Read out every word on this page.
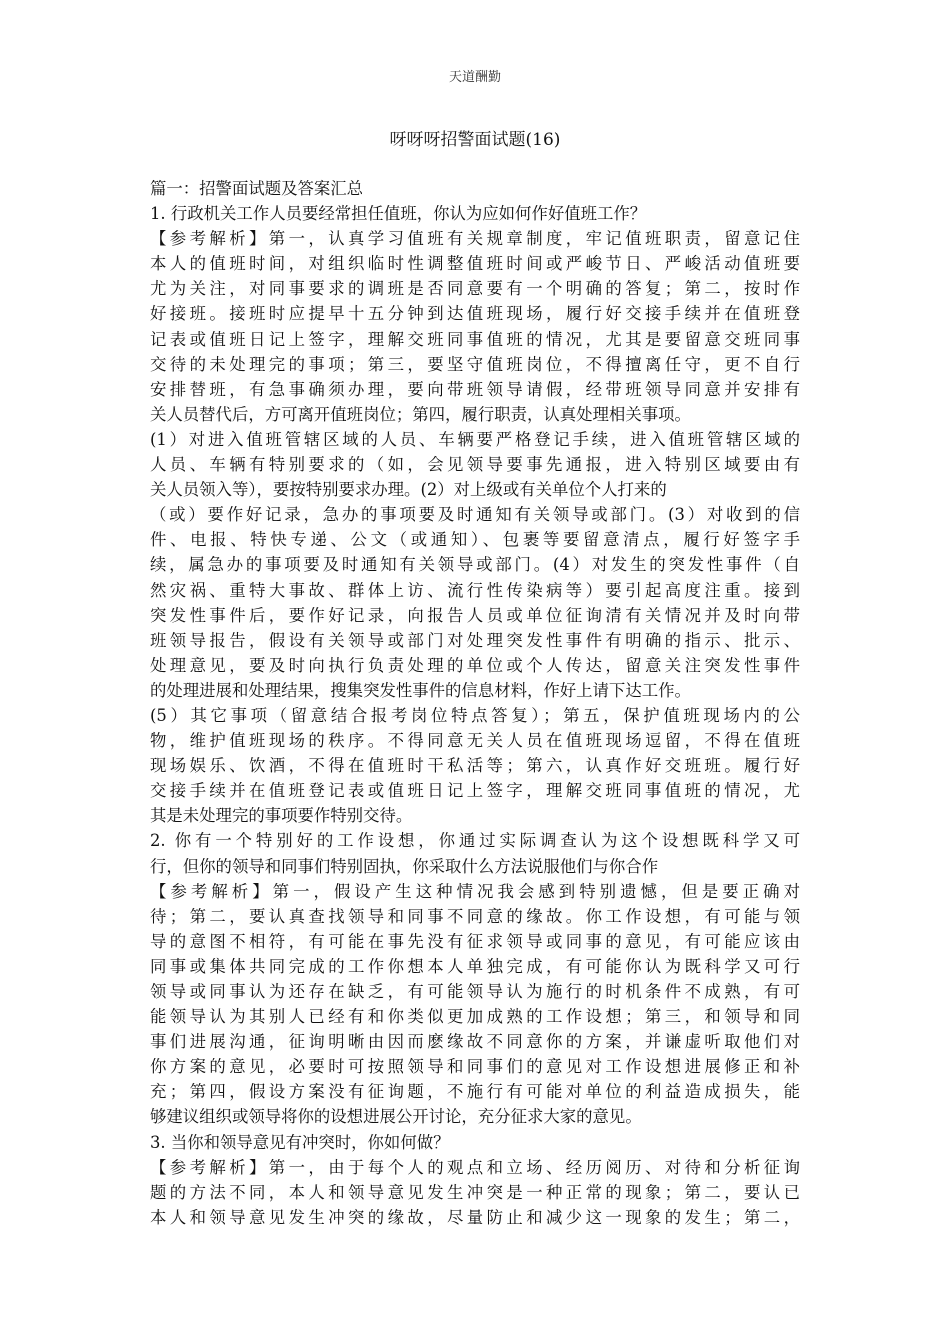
天道酬勤
呀呀呀招警面试题(16)
篇一：招警面试题及答案汇总
1. 行政机关工作人员要经常担任值班，你认为应如何作好值班工作？
【参考解析】第一，认真学习值班有关规章制度，牢记值班职责，留意记住
本人的值班时间，对组织临时性调整值班时间或严峻节日、严峻活动值班要
尤为关注，对同事要求的调班是否同意要有一个明确的答复；第二，按时作
好接班。接班时应提早十五分钟到达值班现场，履行好交接手续并在值班登
记表或值班日记上签字，理解交班同事值班的情况，尤其是要留意交班同事
交待的未处理完的事项；第三，要坚守值班岗位，不得擅离任守，更不自行
安排替班，有急事确须办理，要向带班领导请假，经带班领导同意并安排有
关人员替代后，方可离开值班岗位；第四，履行职责，认真处理相关事项。
(1）对进入值班管辖区域的人员、车辆要严格登记手续，进入值班管辖区域的
人员、车辆有特别要求的（如，会见领导要事先通报，进入特别区域要由有
关人员领入等），要按特别要求办理。(2）对上级或有关单位个人打来的
（或）要作好记录，急办的事项要及时通知有关领导或部门。(3）对收到的信
件、电报、特快专递、公文（或通知）、包裹等要留意清点，履行好签字手
续，属急办的事项要及时通知有关领导或部门。(4）对发生的突发性事件（自
然灾祸、重特大事故、群体上访、流行性传染病等）要引起高度注重。接到
突发性事件后，要作好记录，向报告人员或单位征询清有关情况并及时向带
班领导报告，假设有关领导或部门对处理突发性事件有明确的指示、批示、
处理意见，要及时向执行负责处理的单位或个人传达，留意关注突发性事件
的处理进展和处理结果，搜集突发性事件的信息材料，作好上请下达工作。
(5）其它事项（留意结合报考岗位特点答复）；第五，保护值班现场内的公
物，维护值班现场的秩序。不得同意无关人员在值班现场逗留，不得在值班
现场娱乐、饮酒，不得在值班时干私活等；第六，认真作好交班班。履行好
交接手续并在值班登记表或值班日记上签字，理解交班同事值班的情况，尤
其是未处理完的事项要作特别交待。
2. 你有一个特别好的工作设想，你通过实际调查认为这个设想既科学又可
行，但你的领导和同事们特别固执，你采取什么方法说服他们与你合作
【参考解析】第一，假设产生这种情况我会感到特别遗憾，但是要正确对
待；第二，要认真查找领导和同事不同意的缘故。你工作设想，有可能与领
导的意图不相符，有可能在事先没有征求领导或同事的意见，有可能应该由
同事或集体共同完成的工作你想本人单独完成，有可能你认为既科学又可行
领导或同事认为还存在缺乏，有可能领导认为施行的时机条件不成熟，有可
能领导认为其别人已经有和你类似更加成熟的工作设想；第三，和领导和同
事们进展沟通，征询明晰由因而麽缘故不同意你的方案，并谦虚听取他们对
你方案的意见，必要时可按照领导和同事们的意见对工作设想进展修正和补
充；第四，假设方案没有征询题，不施行有可能对单位的利益造成损失，能
够建议组织或领导将你的设想进展公开讨论，充分征求大家的意见。
3. 当你和领导意见有冲突时，你如何做？
【参考解析】第一，由于每个人的观点和立场、经历阅历、对待和分析征询
题的方法不同，本人和领导意见发生冲突是一种正常的现象；第二，要认已
本人和领导意见发生冲突的缘故，尽量防止和减少这一现象的发生；第二，
